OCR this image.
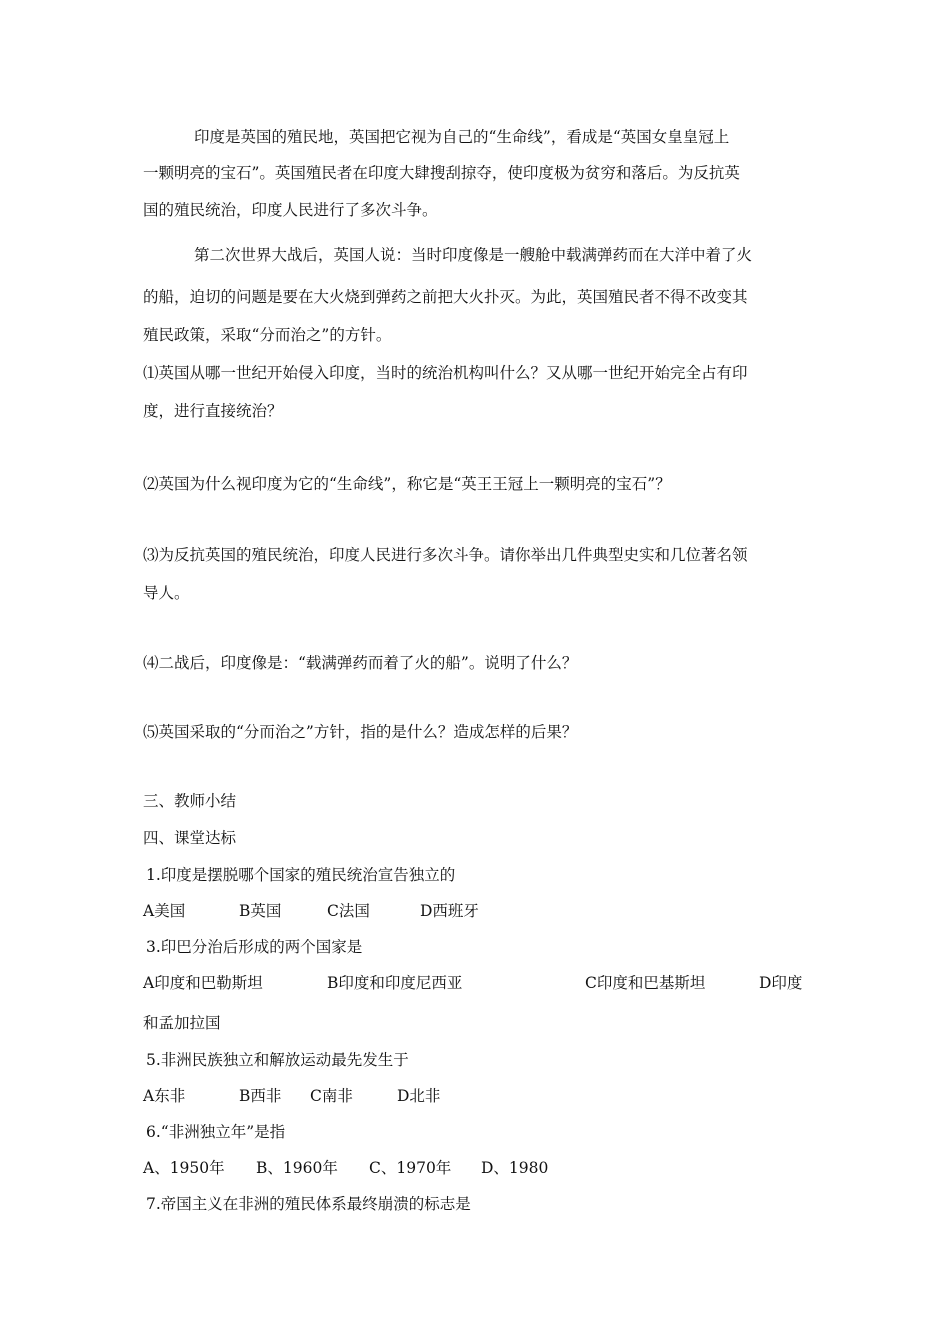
印度是英国的殖民地，英国把它视为自己的“生命线”，看成是“英国女皇皇冠上
一颗明亮的宝石”。英国殖民者在印度大肆搜刮掠夺，使印度极为贫穷和落后。为反抗英
国的殖民统治，印度人民进行了多次斗争。
第二次世界大战后，英国人说：当时印度像是一艘舱中载满弹药而在大洋中着了火
的船，迫切的问题是要在大火烧到弹药之前把大火扑灭。为此，英国殖民者不得不改变其
殖民政策，采取“分而治之”的方针。
⑴英国从哪一世纪开始侵入印度，当时的统治机构叫什么？又从哪一世纪开始完全占有印
度，进行直接统治？
⑵英国为什么视印度为它的“生命线”，称它是“英王王冠上一颗明亮的宝石”？
⑶为反抗英国的殖民统治，印度人民进行多次斗争。请你举出几件典型史实和几位著名领
导人。
⑷二战后，印度像是：“载满弹药而着了火的船”。说明了什么？
⑸英国采取的“分而治之”方针，指的是什么？造成怎样的后果？
三、教师小结
四、课堂达标
1.印度是摆脱哪个国家的殖民统治宣告独立的
A美国	B英国	C法国	D西班牙
3.印巴分治后形成的两个国家是
A印度和巴勒斯坦	B印度和印度尼西亚	C印度和巴基斯坦	D印度
和孟加拉国
5.非洲民族独立和解放运动最先发生于
A东非	B西非 C南非	D北非
6.“非洲独立年”是指
A、1950年 B、1960年 C、1970年 D、1980
7.帝国主义在非洲的殖民体系最终崩溃的标志是
